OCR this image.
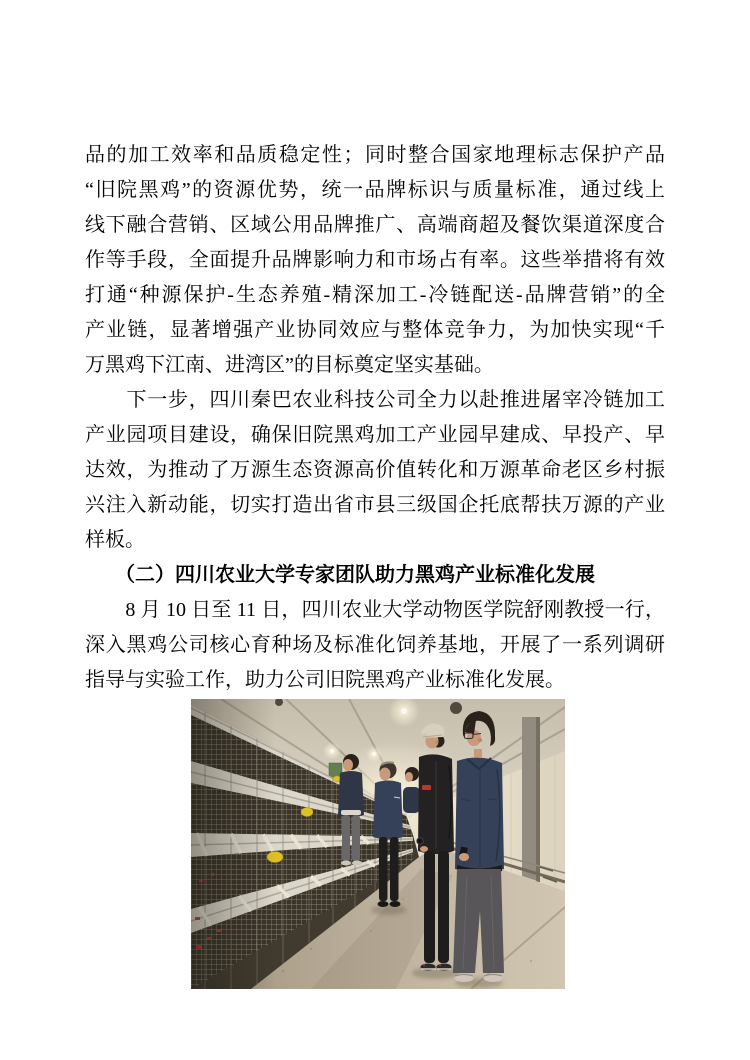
品的加工效率和品质稳定性；同时整合国家地理标志保护产品
“旧院黑鸡”的资源优势，统一品牌标识与质量标准，通过线上
线下融合营销、区域公用品牌推广、高端商超及餐饮渠道深度合
作等手段，全面提升品牌影响力和市场占有率。这些举措将有效
打通“种源保护-生态养殖-精深加工-冷链配送-品牌营销”的全
产业链，显著增强产业协同效应与整体竞争力，为加快实现“千
万黑鸡下江南、进湾区”的目标奠定坚实基础。
　　下一步，四川秦巴农业科技公司全力以赴推进屠宰冷链加工
产业园项目建设，确保旧院黑鸡加工产业园早建成、早投产、早
达效，为推动了万源生态资源高价值转化和万源革命老区乡村振
兴注入新动能，切实打造出省市县三级国企托底帮扶万源的产业
样板。
　　（二）四川农业大学专家团队助力黑鸡产业标准化发展
　　8 月 10 日至 11 日，四川农业大学动物医学院舒刚教授一行，
深入黑鸡公司核心育种场及标准化饲养基地，开展了一系列调研
指导与实验工作，助力公司旧院黑鸡产业标准化发展。
